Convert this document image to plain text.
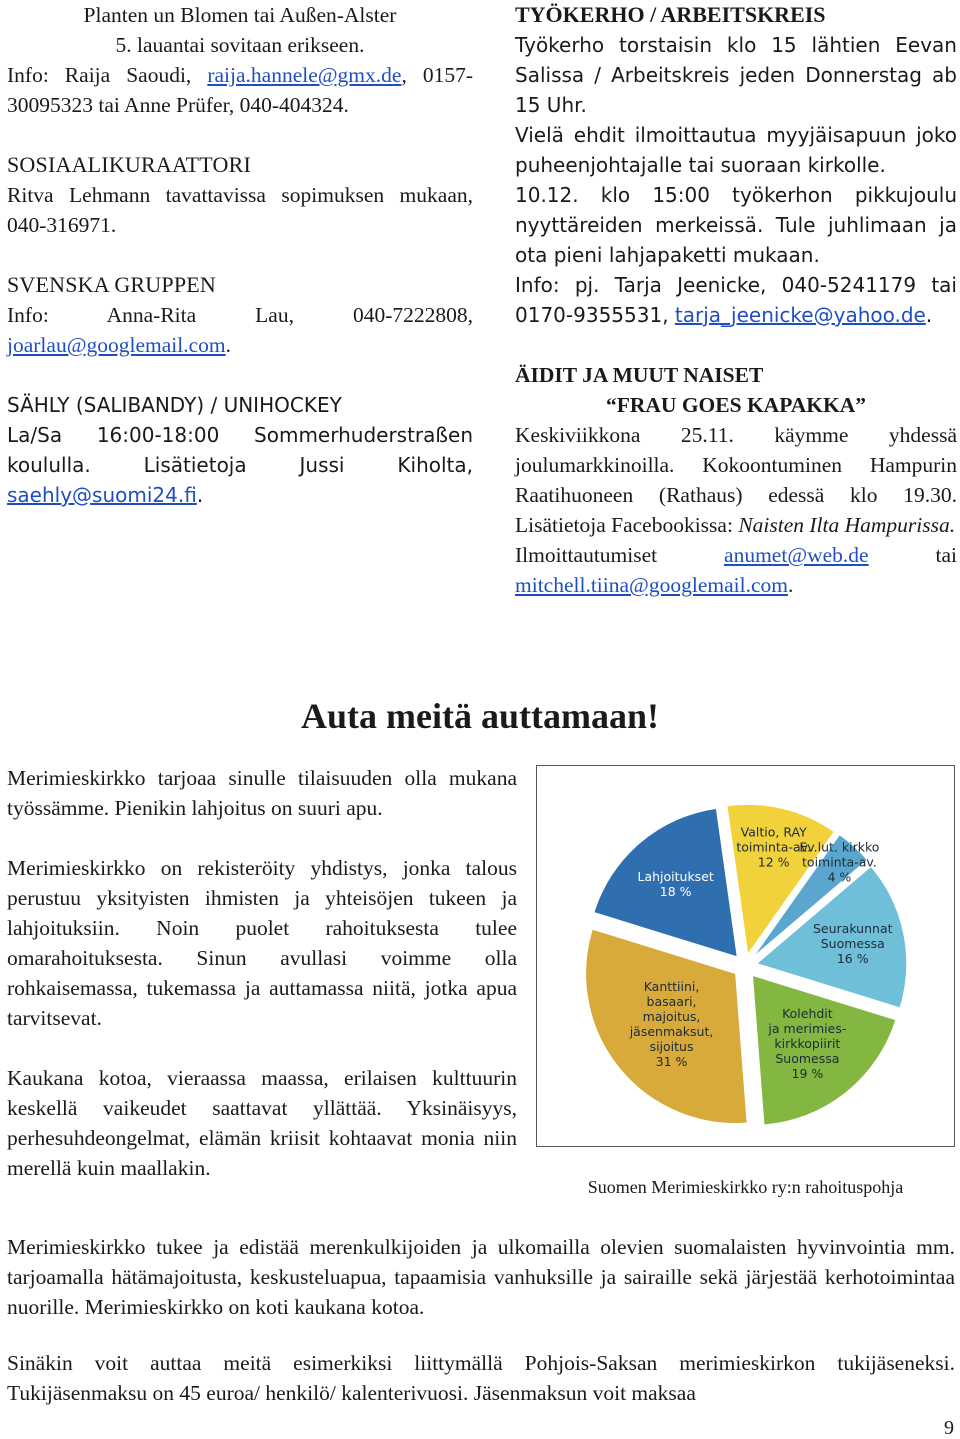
Planten un Blomen tai Außen-Alster

5. lauantai sovitaan erikseen.

Info: Raija Saoudi, raija.hannele@gmx.de, 0157-30095323 tai Anne Prüfer, 040-404324.

SOSIAALIKURAATTORI

Ritva Lehmann tavattavissa sopimuksen mukaan, 040-316971.

SVENSKA GRUPPEN

Info: Anna-Rita Lau, 040-7222808, joarlau@googlemail.com.

SÄHLY (SALIBANDY) / UNIHOCKEY

La/Sa 16:00-18:00 Sommerhuderstraßen koululla. Lisätietoja Jussi Kiholta, saehly@suomi24.fi.

TYÖKERHO / ARBEITSKREIS

Työkerho torstaisin klo 15 lähtien Eevan Salissa / Arbeitskreis jeden Donnerstag ab 15 Uhr.

Vielä ehdit ilmoittautua myyjäisapuun joko puheenjohtajalle tai suoraan kirkolle.

10.12. klo 15:00 työkerhon pikkujoulu nyyttäreiden merkeissä. Tule juhlimaan ja ota pieni lahjapaketti mukaan.

Info: pj. Tarja Jeenicke, 040-5241179 tai 0170-9355531, tarja_jeenicke@yahoo.de.

ÄIDIT JA MUUT NAISET

“FRAU GOES KAPAKKA”

Keskiviikkona 25.11. käymme yhdessä joulumarkkinoilla. Kokoontuminen Hampurin Raatihuoneen (Rathaus) edessä klo 19.30. Lisätietoja Facebookissa: Naisten Ilta Hampurissa.

Ilmoittautumiset anumet@web.de tai

mitchell.tiina@googlemail.com.

Auta meitä auttamaan!

Merimieskirkko tarjoaa sinulle tilaisuuden olla mukana työssämme. Pienikin lahjoitus on suuri apu.

Merimieskirkko on rekisteröity yhdistys, jonka talous perustuu yksityisten ihmisten ja yhteisöjen tukeen ja lahjoituksiin. Noin puolet rahoituksesta tulee omarahoituksesta. Sinun avullasi voimme olla rohkaisemassa, tukemassa ja auttamassa niitä, jotka apua tarvitsevat.

Kaukana kotoa, vieraassa maassa, erilaisen kulttuurin keskellä vaikeudet saattavat yllättää. Yksinäisyys, perhesuhdeongelmat, elämän kriisit kohtaavat monia niin merellä kuin maallakin.

Valtio, RAY toiminta-av. 12 %
Ev.lut. kirkko toiminta-av. 4 %
Seurakunnat Suomessa 16 %
Kolehdit ja merimies-kirkkopiirit Suomessa 19 %
Kanttiini, basaari, majoitus, jäsenmaksut, sijoitus 31 %
Lahjoitukset 18 %
Suomen Merimieskirkko ry:n rahoituspohja

Merimieskirkko tukee ja edistää merenkulkijoiden ja ulkomailla olevien suomalaisten hyvinvointia mm. tarjoamalla hätämajoitusta, keskusteluapua, tapaamisia vanhuksille ja sairaille sekä järjestää kerhotoimintaa nuorille. Merimieskirkko on koti kaukana kotoa.

Sinäkin voit auttaa meitä esimerkiksi liittymällä Pohjois-Saksan merimieskirkon tukijäseneksi. Tukijäsenmaksu on 45 euroa/ henkilö/ kalenterivuosi. Jäsenmaksun voit maksaa

9
